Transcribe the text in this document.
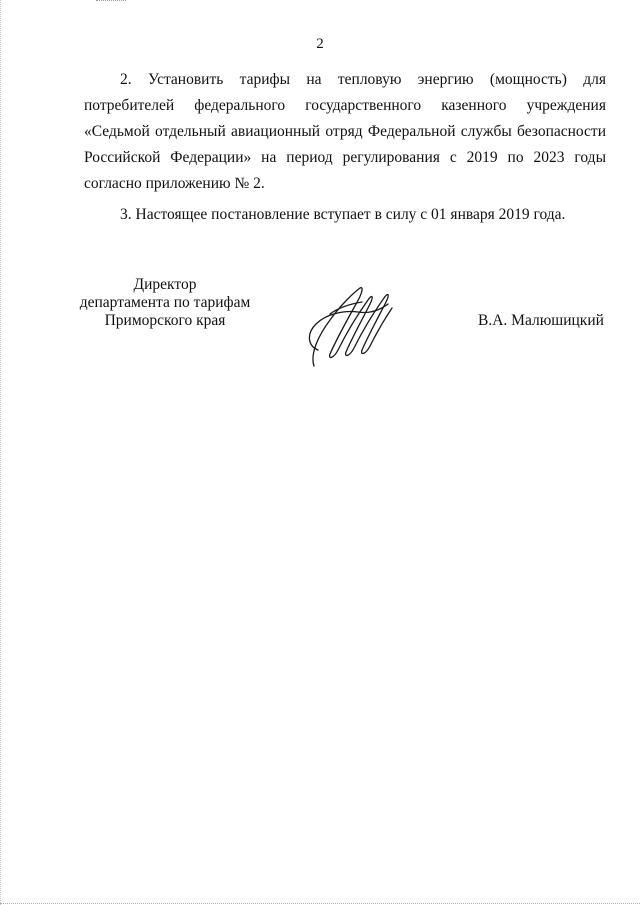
2

2. Установить тарифы на тепловую энергию (мощность) для потребителей федерального государственного казенного учреждения «Седьмой отдельный авиационный отряд Федеральной службы безопасности Российской Федерации» на период регулирования с 2019 по 2023 годы согласно приложению № 2.

3. Настоящее постановление вступает в силу с 01 января 2019 года.

Директор
департамента по тарифам
Приморского края	В.А. Малюшицкий
